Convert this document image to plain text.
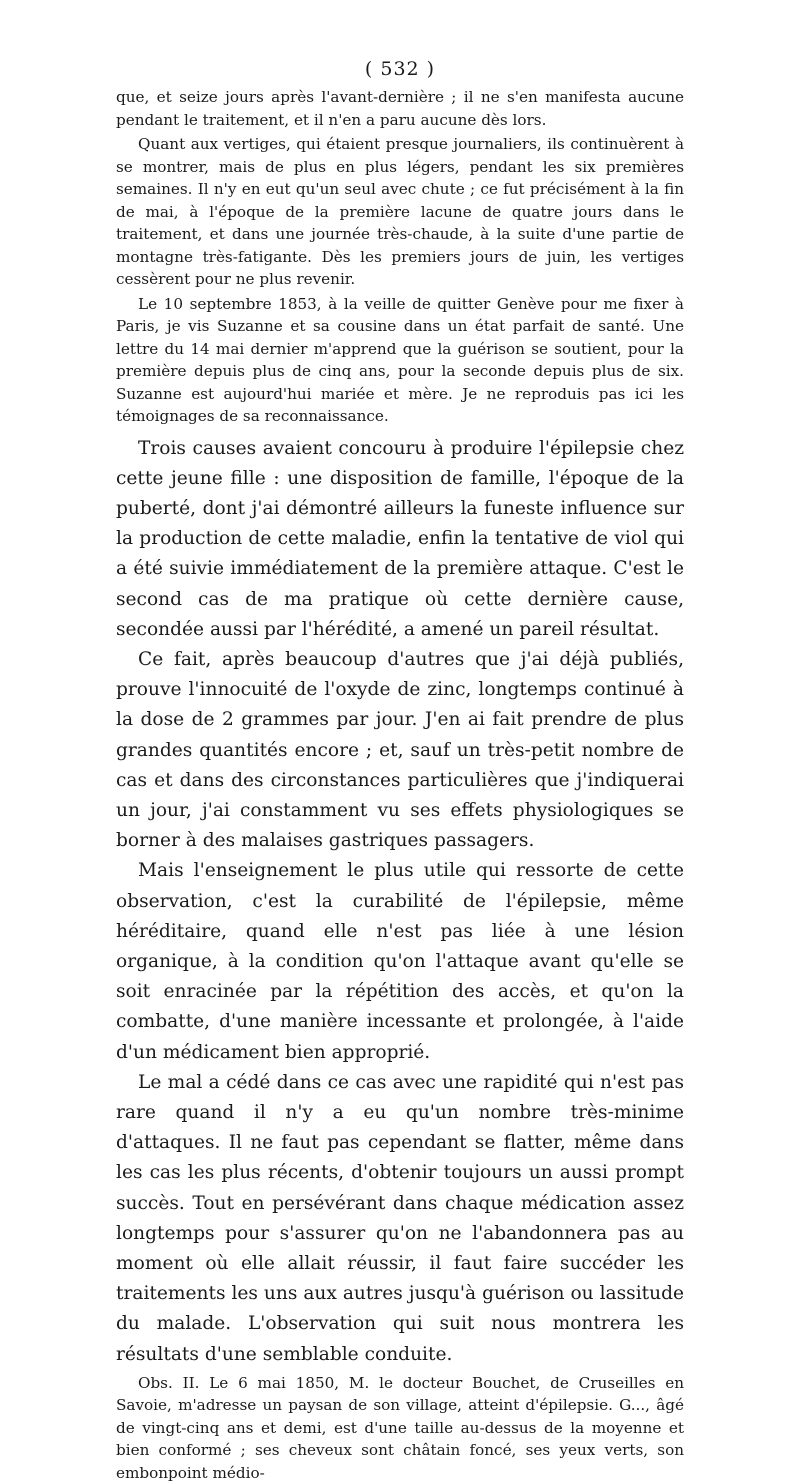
( 532 )

que, et seize jours après l'avant-dernière ; il ne s'en manifesta aucune pendant le traitement, et il n'en a paru aucune dès lors.

Quant aux vertiges, qui étaient presque journaliers, ils continuèrent à se montrer, mais de plus en plus légers, pendant les six premières semaines. Il n'y en eut qu'un seul avec chute ; ce fut précisément à la fin de mai, à l'époque de la première lacune de quatre jours dans le traitement, et dans une journée très-chaude, à la suite d'une partie de montagne très-fatigante. Dès les premiers jours de juin, les vertiges cessèrent pour ne plus revenir.

Le 10 septembre 1853, à la veille de quitter Genève pour me fixer à Paris, je vis Suzanne et sa cousine dans un état parfait de santé. Une lettre du 14 mai dernier m'apprend que la guérison se soutient, pour la première depuis plus de cinq ans, pour la seconde depuis plus de six. Suzanne est aujourd'hui mariée et mère. Je ne reproduis pas ici les témoignages de sa reconnaissance.

Trois causes avaient concouru à produire l'épilepsie chez cette jeune fille : une disposition de famille, l'époque de la puberté, dont j'ai démontré ailleurs la funeste influence sur la production de cette maladie, enfin la tentative de viol qui a été suivie immédiatement de la première attaque. C'est le second cas de ma pratique où cette dernière cause, secondée aussi par l'hérédité, a amené un pareil résultat.

Ce fait, après beaucoup d'autres que j'ai déjà publiés, prouve l'innocuité de l'oxyde de zinc, longtemps continué à la dose de 2 grammes par jour. J'en ai fait prendre de plus grandes quantités encore ; et, sauf un très-petit nombre de cas et dans des circonstances particulières que j'indiquerai un jour, j'ai constamment vu ses effets physiologiques se borner à des malaises gastriques passagers.

Mais l'enseignement le plus utile qui ressorte de cette observation, c'est la curabilité de l'épilepsie, même héréditaire, quand elle n'est pas liée à une lésion organique, à la condition qu'on l'attaque avant qu'elle se soit enracinée par la répétition des accès, et qu'on la combatte, d'une manière incessante et prolongée, à l'aide d'un médicament bien approprié.

Le mal a cédé dans ce cas avec une rapidité qui n'est pas rare quand il n'y a eu qu'un nombre très-minime d'attaques. Il ne faut pas cependant se flatter, même dans les cas les plus récents, d'obtenir toujours un aussi prompt succès. Tout en persévérant dans chaque médication assez longtemps pour s'assurer qu'on ne l'abandonnera pas au moment où elle allait réussir, il faut faire succéder les traitements les uns aux autres jusqu'à guérison ou lassitude du malade. L'observation qui suit nous montrera les résultats d'une semblable conduite.

Obs. II. Le 6 mai 1850, M. le docteur Bouchet, de Cruseilles en Savoie, m'adresse un paysan de son village, atteint d'épilepsie. G..., âgé de vingt-cinq ans et demi, est d'une taille au-dessus de la moyenne et bien conformé ; ses cheveux sont châtain foncé, ses yeux verts, son embonpoint médio-
